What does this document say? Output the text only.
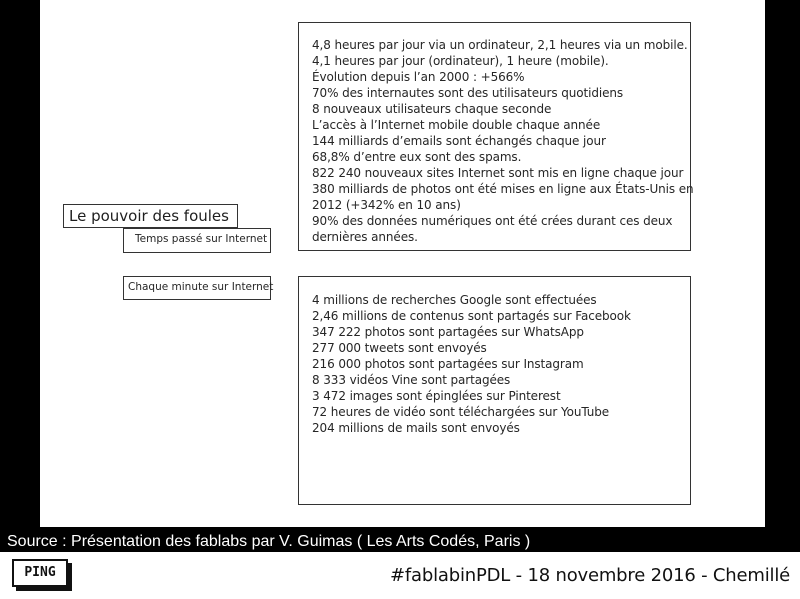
4,8 heures par jour via un ordinateur, 2,1 heures via un mobile.
4,1 heures par jour (ordinateur), 1 heure (mobile).
Évolution depuis l’an 2000 : +566%
70% des internautes sont des utilisateurs quotidiens
8 nouveaux utilisateurs chaque seconde
L’accès à l’Internet mobile double chaque année
144 milliards d’emails sont échangés chaque jour
68,8% d’entre eux sont des spams.
822 240 nouveaux sites Internet sont mis en ligne chaque jour
380 milliards de photos ont été mises en ligne aux États-Unis en
2012 (+342% en 10 ans)
90% des données numériques ont été crées durant ces deux
dernières années.
Le pouvoir des foules
Temps passé sur Internet
Chaque minute sur Internet
4 millions de recherches Google sont effectuées
2,46 millions de contenus sont partagés sur Facebook
347 222 photos sont partagées sur WhatsApp
277 000 tweets sont envoyés
216 000 photos sont partagées sur Instagram
8 333 vidéos Vine sont partagées
3 472 images sont épinglées sur Pinterest
72 heures de vidéo sont téléchargées sur YouTube
204 millions de mails sont envoyés
Source : Présentation des fablabs par V. Guimas ( Les Arts Codés, Paris )
PING	#fablabinPDL - 18 novembre 2016 - Chemillé
